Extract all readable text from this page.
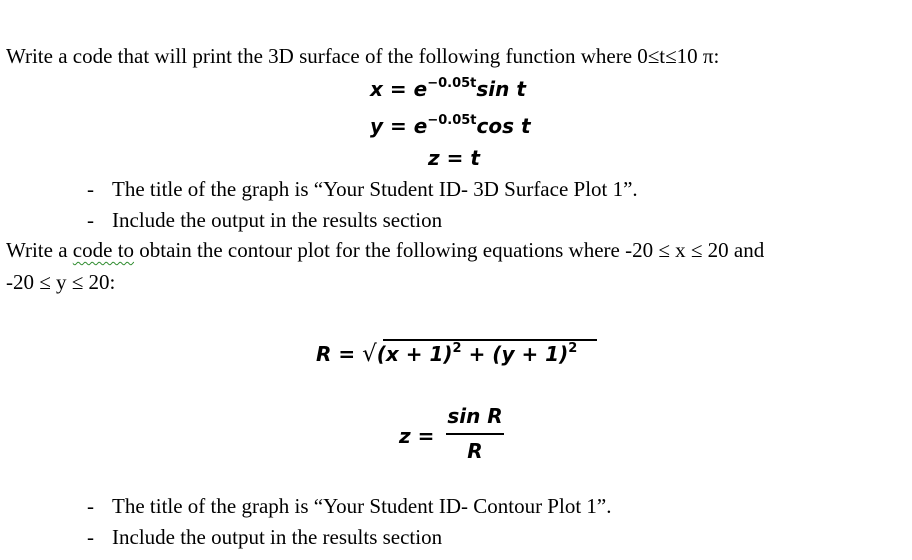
Write a code that will print the 3D surface of the following function where 0≤t≤10 π:
$x = e^{-0.05t}\sin$ t
$y = e^{-0.05t}\cos$ t
z = t
- The title of the graph is “Your Student ID- 3D Surface Plot 1”.
- Include the output in the results section
Write a code to obtain the contour plot for the following equations where -20 ≤ x ≤ 20 and
-20 ≤ y ≤ 20:
$R = √(x + 1)^2 + (y + 1)^2$
z =
sin R
R
- The title of the graph is “Your Student ID- Contour Plot 1”.
- Include the output in the results section
